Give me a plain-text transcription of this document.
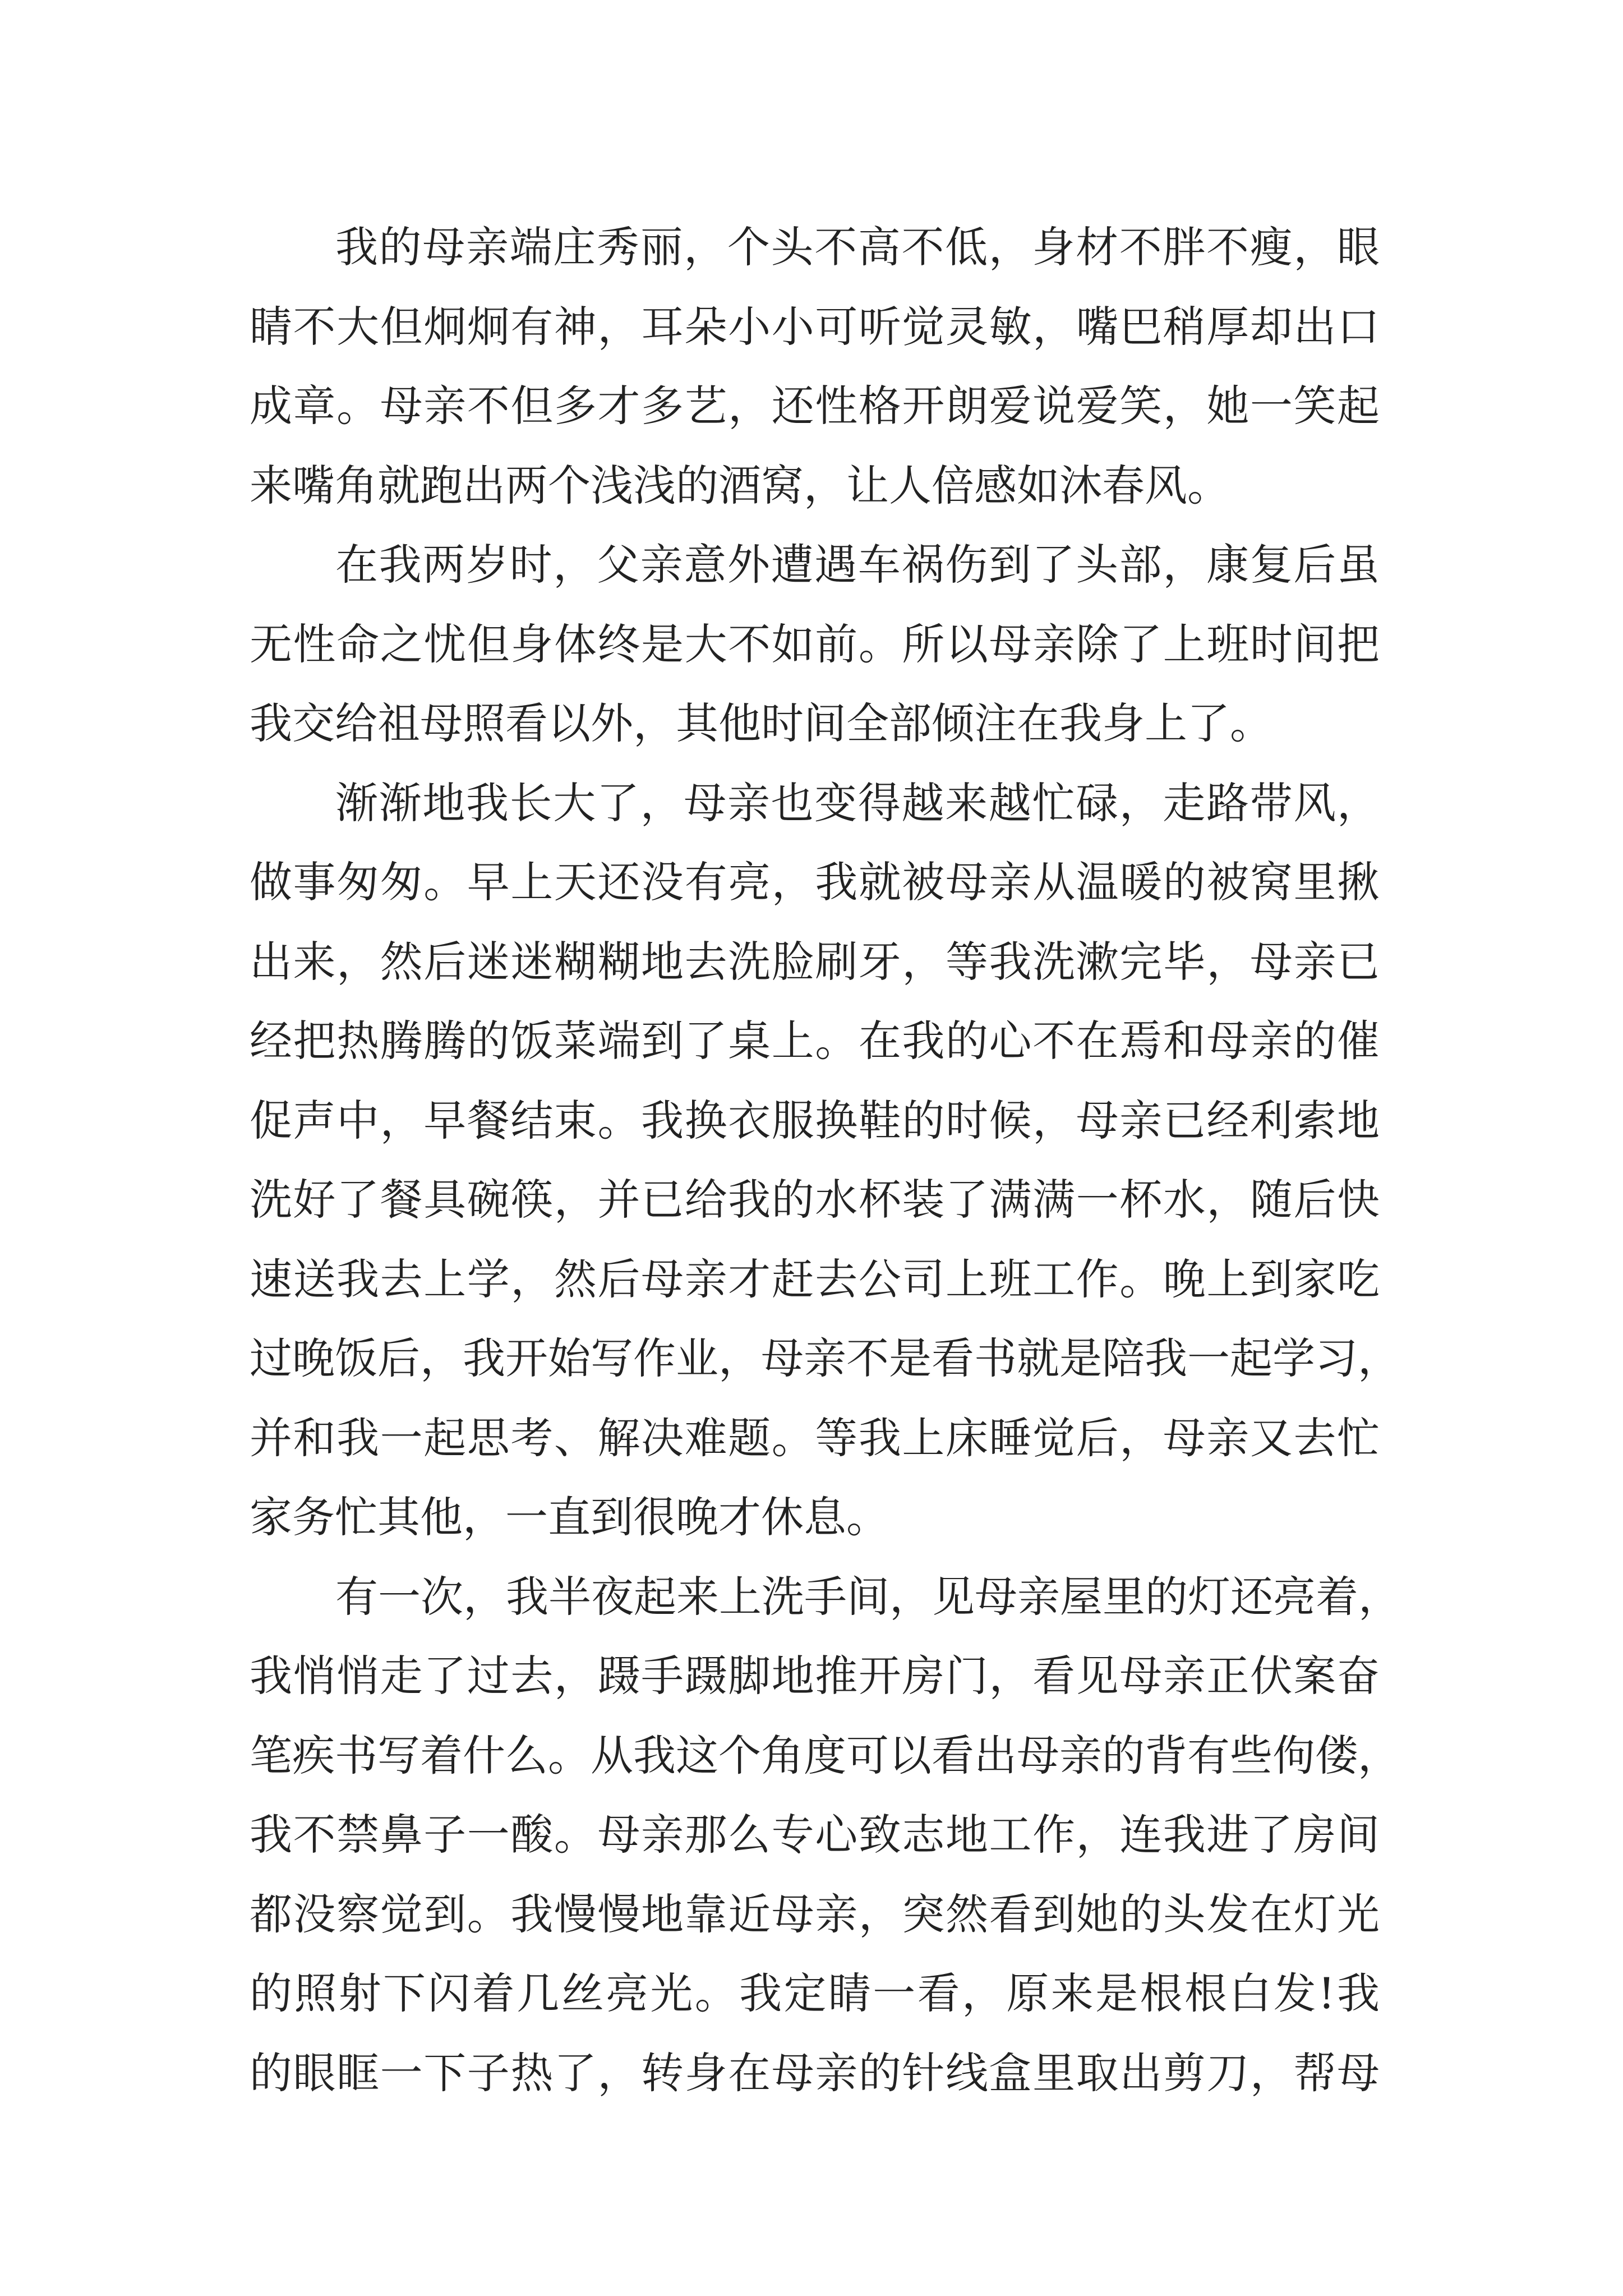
我的母亲端庄秀丽，个头不高不低，身材不胖不瘦，眼
睛不大但炯炯有神，耳朵小小可听觉灵敏，嘴巴稍厚却出口
成章。母亲不但多才多艺，还性格开朗爱说爱笑，她一笑起
来嘴角就跑出两个浅浅的酒窝，让人倍感如沐春风。
在我两岁时，父亲意外遭遇车祸伤到了头部，康复后虽
无性命之忧但身体终是大不如前。所以母亲除了上班时间把
我交给祖母照看以外，其他时间全部倾注在我身上了。
渐渐地我长大了，母亲也变得越来越忙碌，走路带风，
做事匆匆。早上天还没有亮，我就被母亲从温暖的被窝里揪
出来，然后迷迷糊糊地去洗脸刷牙，等我洗漱完毕，母亲已
经把热腾腾的饭菜端到了桌上。在我的心不在焉和母亲的催
促声中，早餐结束。我换衣服换鞋的时候，母亲已经利索地
洗好了餐具碗筷，并已给我的水杯装了满满一杯水，随后快
速送我去上学，然后母亲才赶去公司上班工作。晚上到家吃
过晚饭后，我开始写作业，母亲不是看书就是陪我一起学习，
并和我一起思考、解决难题。等我上床睡觉后，母亲又去忙
家务忙其他，一直到很晚才休息。
有一次，我半夜起来上洗手间，见母亲屋里的灯还亮着，
我悄悄走了过去，蹑手蹑脚地推开房门，看见母亲正伏案奋
笔疾书写着什么。从我这个角度可以看出母亲的背有些佝偻，
我不禁鼻子一酸。母亲那么专心致志地工作，连我进了房间
都没察觉到。我慢慢地靠近母亲，突然看到她的头发在灯光
的照射下闪着几丝亮光。我定睛一看，原来是根根白发!我
的眼眶一下子热了，转身在母亲的针线盒里取出剪刀，帮母
